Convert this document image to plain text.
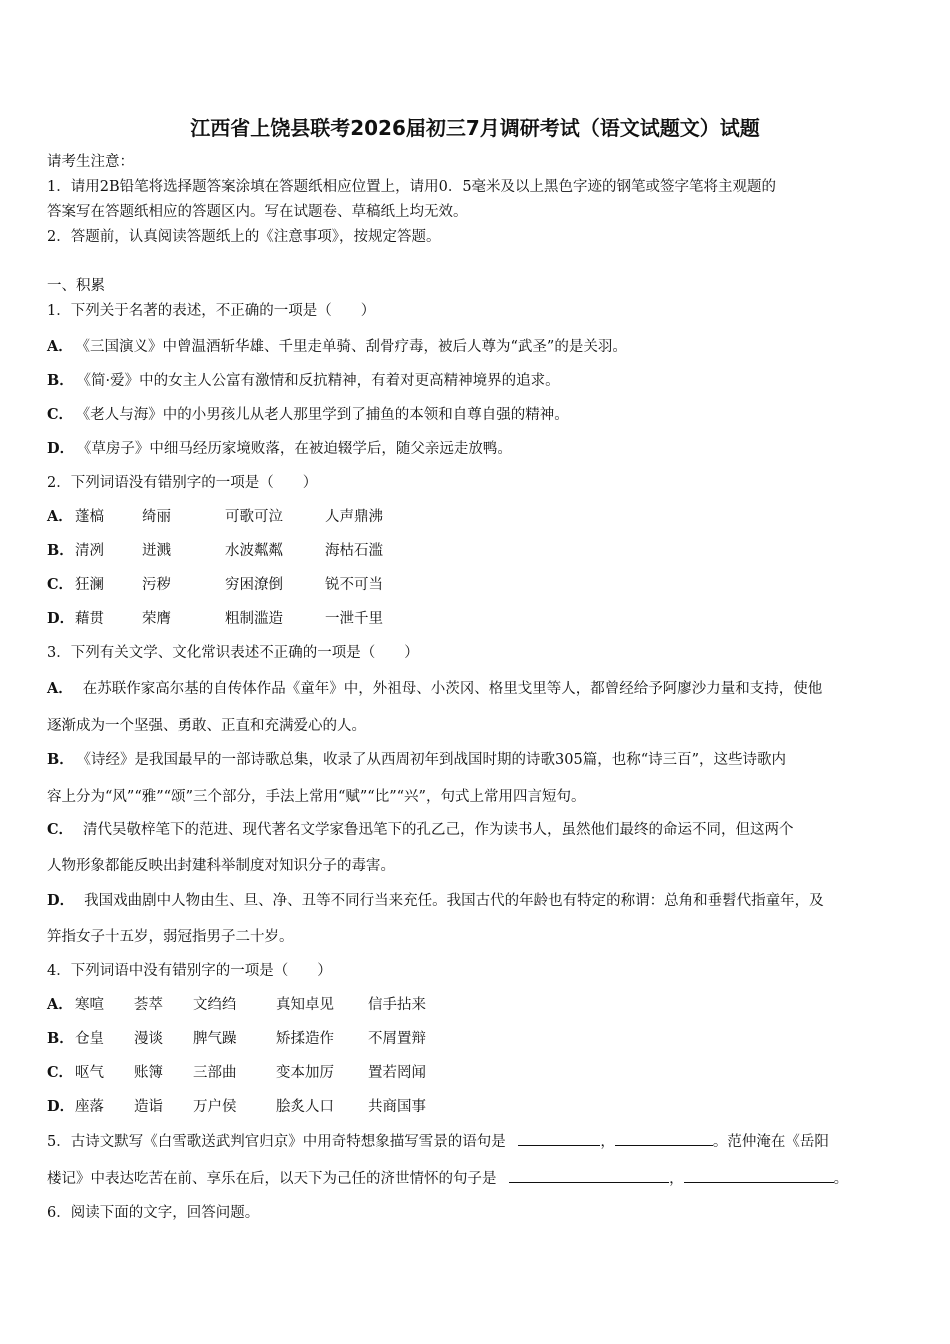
江西省上饶县联考2026届初三7月调研考试（语文试题文）试题
请考生注意：
1．请用2B铅笔将选择题答案涂填在答题纸相应位置上，请用0．5毫米及以上黑色字迹的钢笔或签字笔将主观题的
答案写在答题纸相应的答题区内。写在试题卷、草稿纸上均无效。
2．答题前，认真阅读答题纸上的《注意事项》，按规定答题。
一、积累
1．下列关于名著的表述，不正确的一项是（　　）
A． 《三国演义》中曾温酒斩华雄、千里走单骑、刮骨疗毒，被后人尊为“武圣”的是关羽。
B． 《简·爱》中的女主人公富有激情和反抗精神，有着对更高精神境界的追求。
C． 《老人与海》中的小男孩儿从老人那里学到了捕鱼的本领和自尊自强的精神。
D． 《草房子》中细马经历家境败落，在被迫辍学后，随父亲远走放鸭。
2．下列词语没有错别字的一项是（　　）
A． 蓬槁	绮丽	可歌可泣	人声鼎沸
B． 清冽	迸溅	水波粼粼	海枯石滥
C． 狂澜	污秽	穷困潦倒	锐不可当
D． 藉贯	荣膺	粗制滥造	一泄千里
3．下列有关文学、文化常识表述不正确的一项是（　　）
A． 在苏联作家高尔基的自传体作品《童年》中，外祖母、小茨冈、格里戈里等人，都曾经给予阿廖沙力量和支持，使他
逐渐成为一个坚强、勇敢、正直和充满爱心的人。
B． 《诗经》是我国最早的一部诗歌总集，收录了从西周初年到战国时期的诗歌305篇，也称“诗三百”，这些诗歌内
容上分为“风”“雅”“颂”三个部分，手法上常用“赋”“比”“兴”，句式上常用四言短句。
C． 清代吴敬梓笔下的范进、现代著名文学家鲁迅笔下的孔乙己，作为读书人，虽然他们最终的命运不同，但这两个
人物形象都能反映出封建科举制度对知识分子的毒害。
D． 我国戏曲剧中人物由生、旦、净、丑等不同行当来充任。我国古代的年龄也有特定的称谓：总角和垂髫代指童年，及
笄指女子十五岁，弱冠指男子二十岁。
4．下列词语中没有错别字的一项是（　　）
A． 寒喧 荟萃 文绉绉	真知卓见 信手拈来
B． 仓皇 漫谈 脾气躁	矫揉造作 不屑置辩
C． 呕气 账簿 三部曲	变本加厉 置若罔闻
D． 座落 造诣 万户侯	脍炙人口 共商国事
5．古诗文默写《白雪歌送武判官归京》中用奇特想象描写雪景的语句是	，	。范仲淹在《岳阳
楼记》中表达吃苦在前、享乐在后，以天下为己任的济世情怀的句子是	，	。
6．阅读下面的文字，回答问题。
